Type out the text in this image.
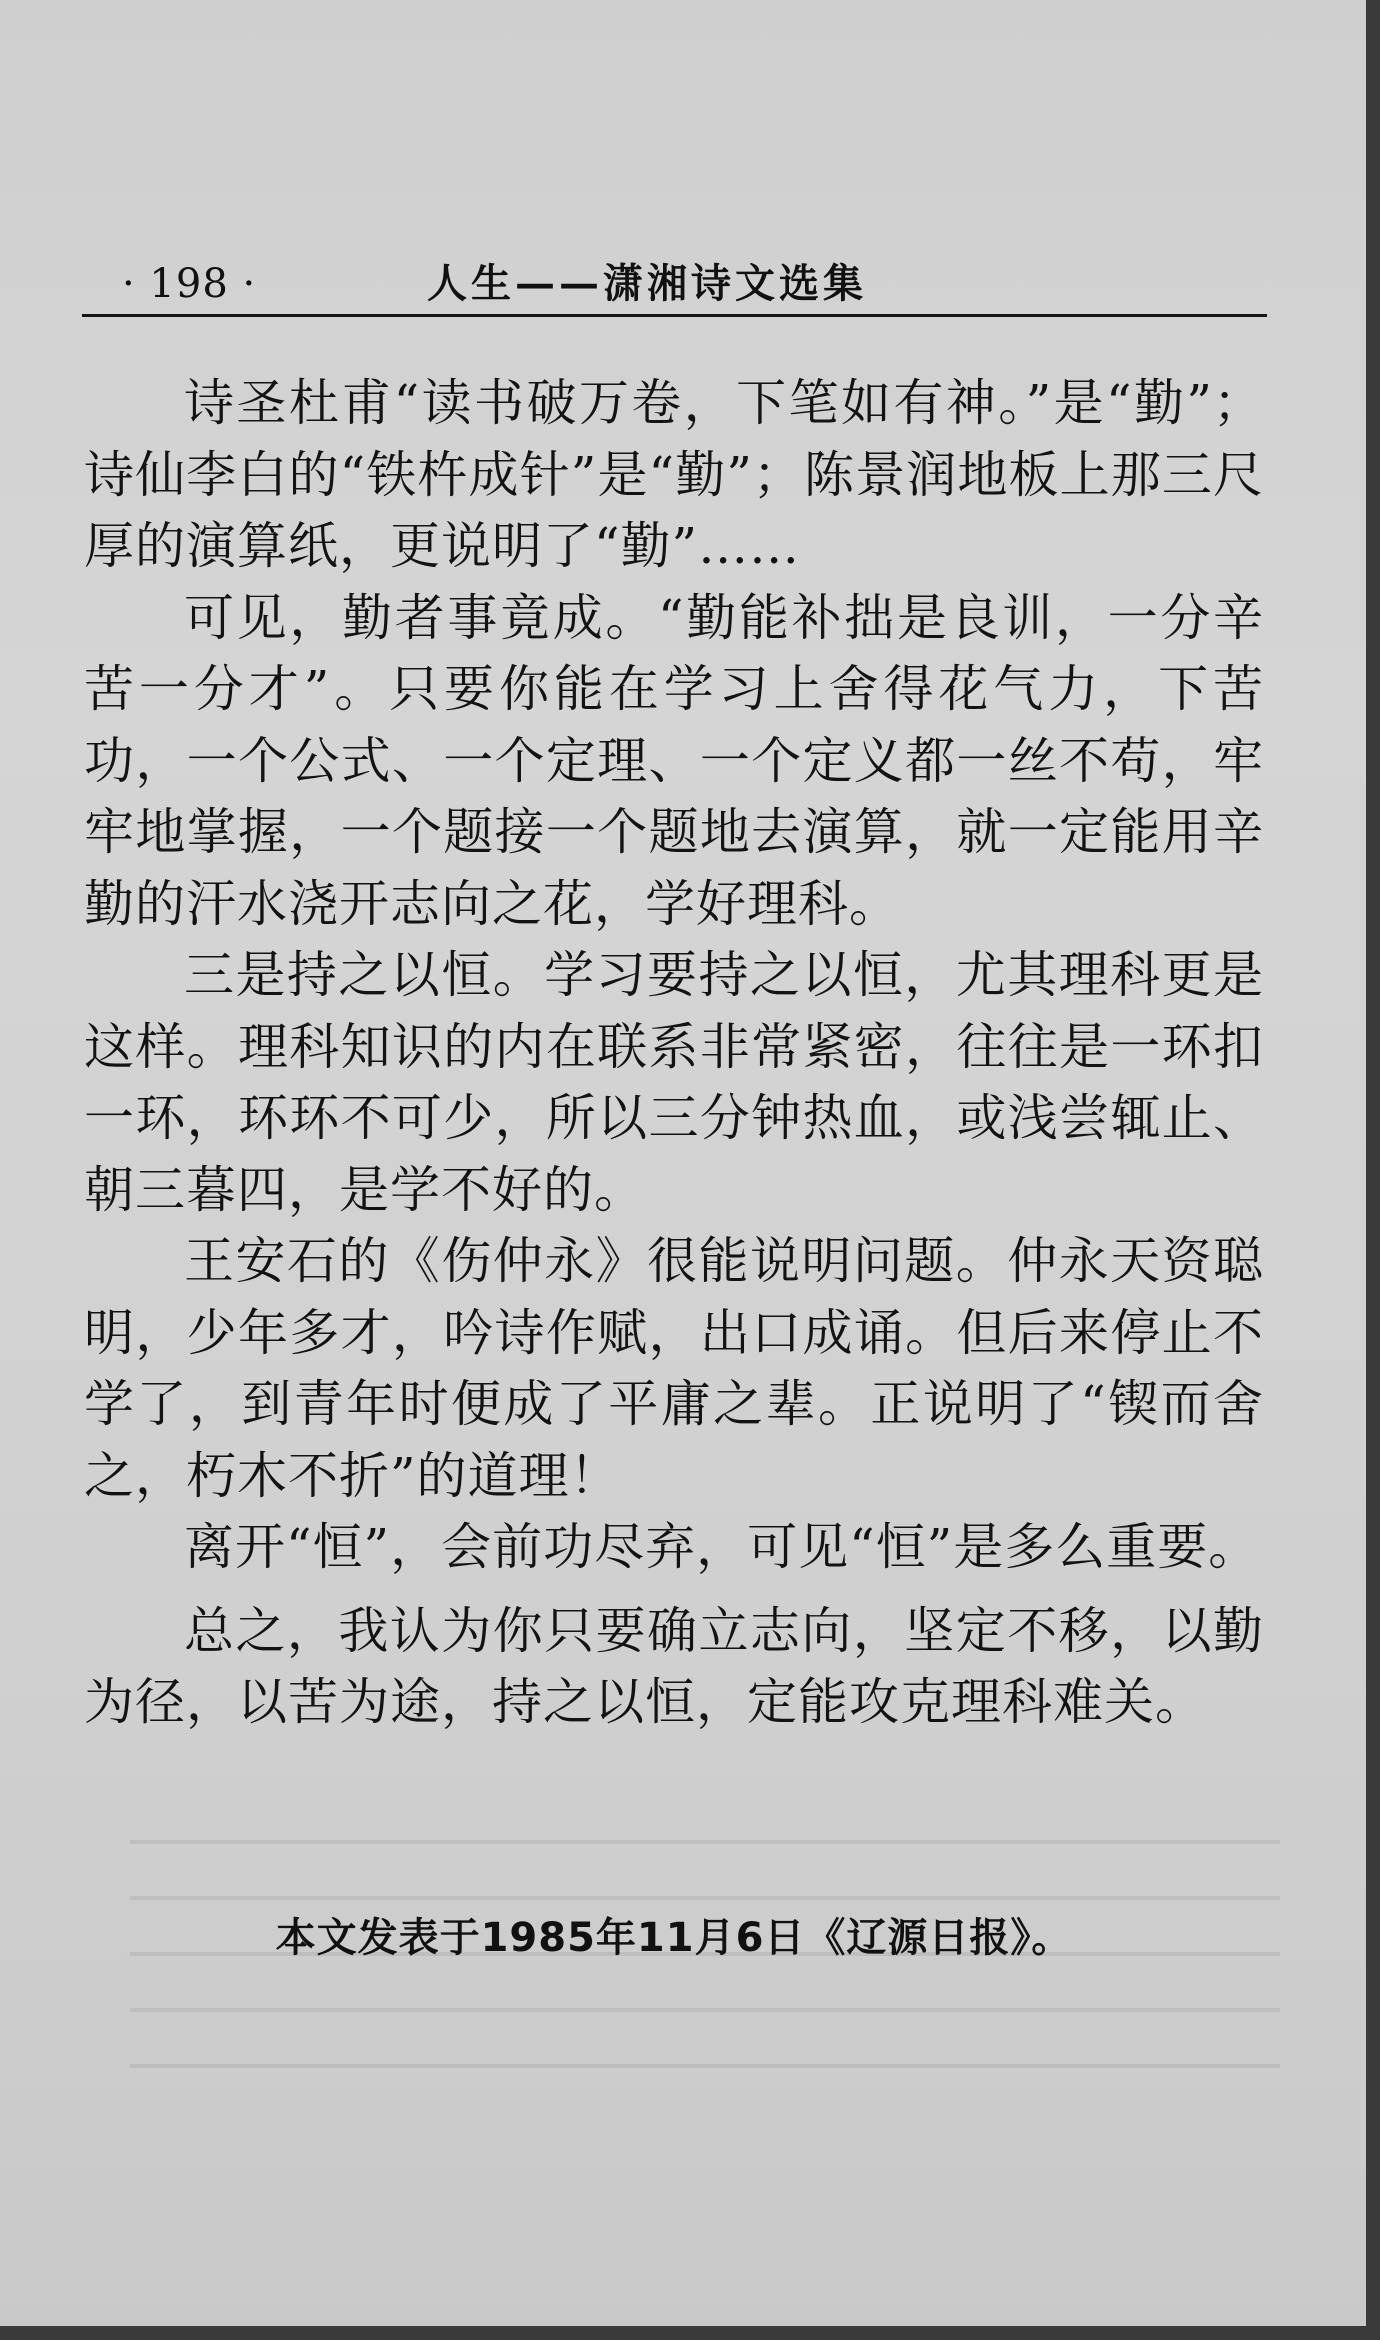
· 198 ·	人生——潇湘诗文选集

诗圣杜甫“读书破万卷，下笔如有神。”是“勤”；诗仙李白的“铁杵成针”是“勤”；陈景润地板上那三尺厚的演算纸，更说明了“勤”……

可见，勤者事竟成。“勤能补拙是良训，一分辛苦一分才”。只要你能在学习上舍得花气力，下苦功，一个公式、一个定理、一个定义都一丝不苟，牢牢地掌握，一个题接一个题地去演算，就一定能用辛勤的汗水浇开志向之花，学好理科。

三是持之以恒。学习要持之以恒，尤其理科更是这样。理科知识的内在联系非常紧密，往往是一环扣一环，环环不可少，所以三分钟热血，或浅尝辄止、朝三暮四，是学不好的。

王安石的《伤仲永》很能说明问题。仲永天资聪明，少年多才，吟诗作赋，出口成诵。但后来停止不学了，到青年时便成了平庸之辈。正说明了“锲而舍之，朽木不折”的道理！

离开“恒”，会前功尽弃，可见“恒”是多么重要。

总之，我认为你只要确立志向，坚定不移，以勤为径，以苦为途，持之以恒，定能攻克理科难关。

本文发表于1985年11月6日《辽源日报》。
